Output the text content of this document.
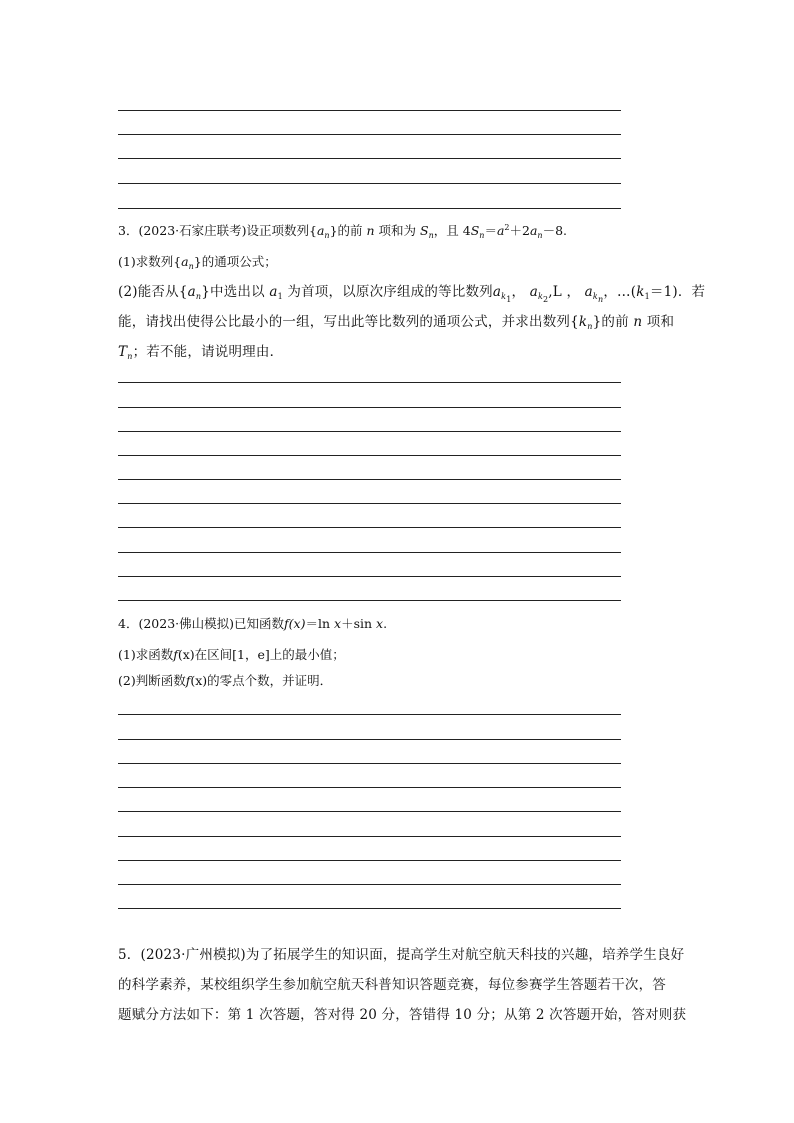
3．(2023·石家庄联考)设正项数列$\{a_n\}$的前 n 项和为 $S_n$，且 $4S_n=a^2+2a_n-8$.
(1)求数列$\{a_n\}$的通项公式；
(2)能否从$\{a_n\}$中选出以 $a_1$ 为首项，以原次序组成的等比数列$a_{k_1}$， $a_{k_2},L$ ， $a_{k_n}$，$\dots(k_1=1)$．若
能，请找出使得公比最小的一组，写出此等比数列的通项公式，并求出数列$\{k_n\}$的前 n 项和
$T_n$；若不能，请说明理由．
4．(2023·佛山模拟)已知函数f(x)＝ln x＋sin x.
(1)求函数f(x)在区间[1，e]上的最小值；
(2)判断函数f(x)的零点个数，并证明．
5．(2023·广州模拟)为了拓展学生的知识面，提高学生对航空航天科技的兴趣，培养学生良好
的科学素养，某校组织学生参加航空航天科普知识答题竞赛，每位参赛学生答题若干次，答
题赋分方法如下：第 1 次答题，答对得 20 分，答错得 10 分；从第 2 次答题开始，答对则获
